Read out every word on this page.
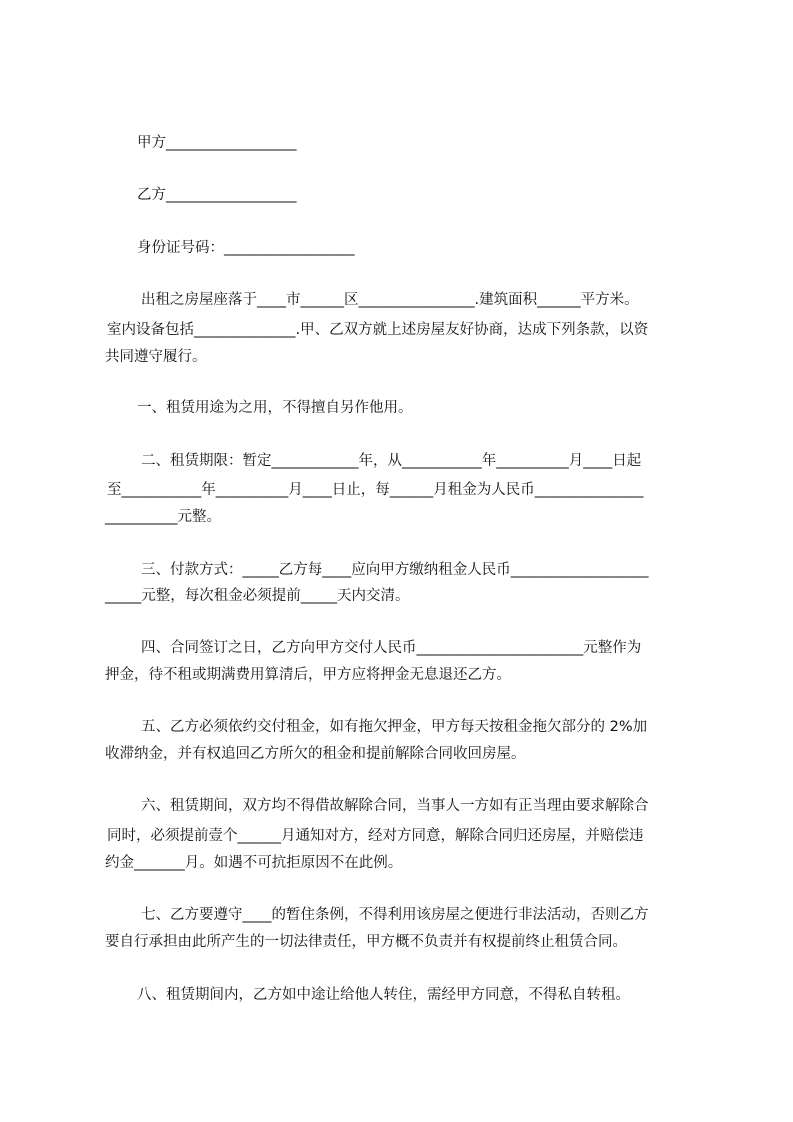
甲方__________________
乙方__________________
身份证号码：__________________
出租之房屋座落于____市______区________________.建筑面积______平方米。
室内设备包括______________.甲、乙双方就上述房屋友好协商，达成下列条款，以资
共同遵守履行。
一、租赁用途为之用，不得擅自另作他用。
二、租赁期限：暂定____________年，从___________年__________月____日起
至___________年__________月____日止，每______月租金为人民币_______________
__________元整。
三、付款方式：_____乙方每____应向甲方缴纳租金人民币___________________
_____元整，每次租金必须提前_____天内交清。
四、合同签订之日，乙方向甲方交付人民币_______________________元整作为
押金，待不租或期满费用算清后，甲方应将押金无息退还乙方。
五、乙方必须依约交付租金，如有拖欠押金，甲方每天按租金拖欠部分的 2%加
收滞纳金，并有权追回乙方所欠的租金和提前解除合同收回房屋。
六、租赁期间，双方均不得借故解除合同，当事人一方如有正当理由要求解除合
同时，必须提前壹个______月通知对方，经对方同意，解除合同归还房屋，并赔偿违
约金_______月。如遇不可抗拒原因不在此例。
七、乙方要遵守____的暂住条例，不得利用该房屋之便进行非法活动，否则乙方
要自行承担由此所产生的一切法律责任，甲方概不负责并有权提前终止租赁合同。
八、租赁期间内，乙方如中途让给他人转住，需经甲方同意，不得私自转租。
